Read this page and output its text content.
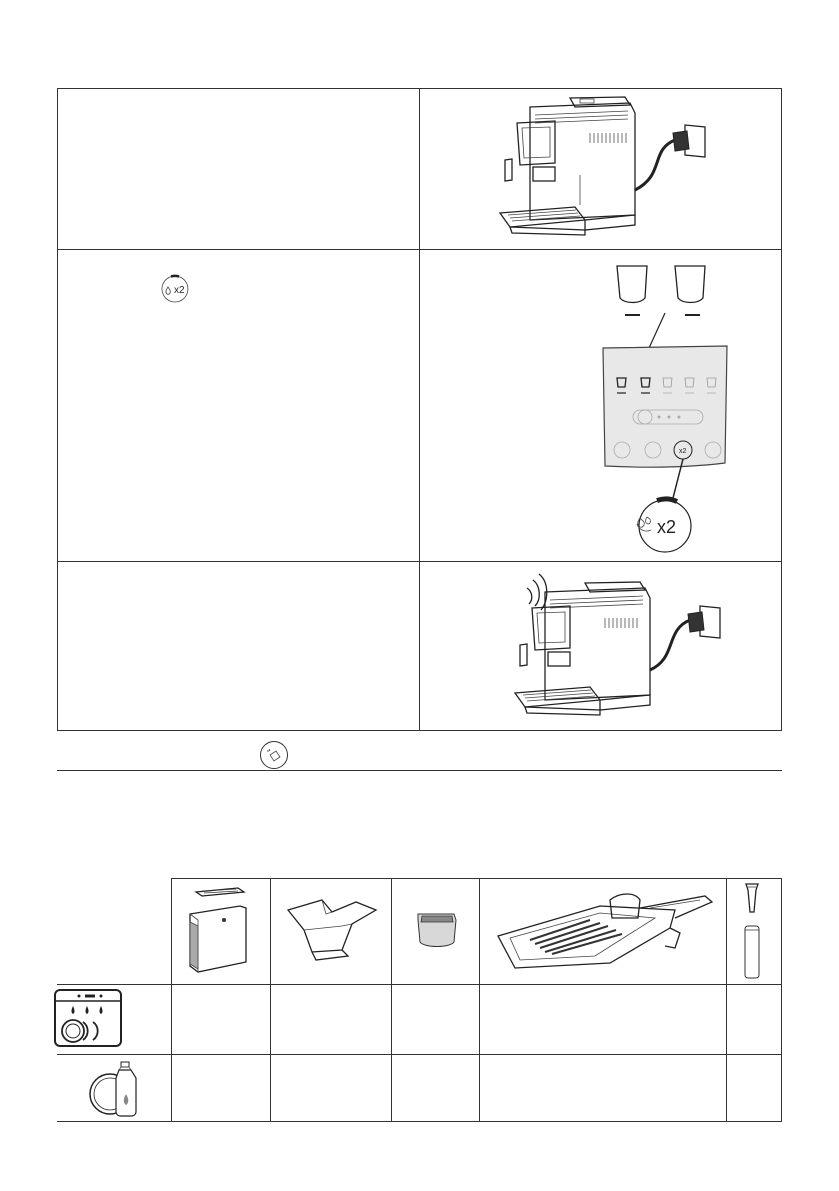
x2
x2
x2
